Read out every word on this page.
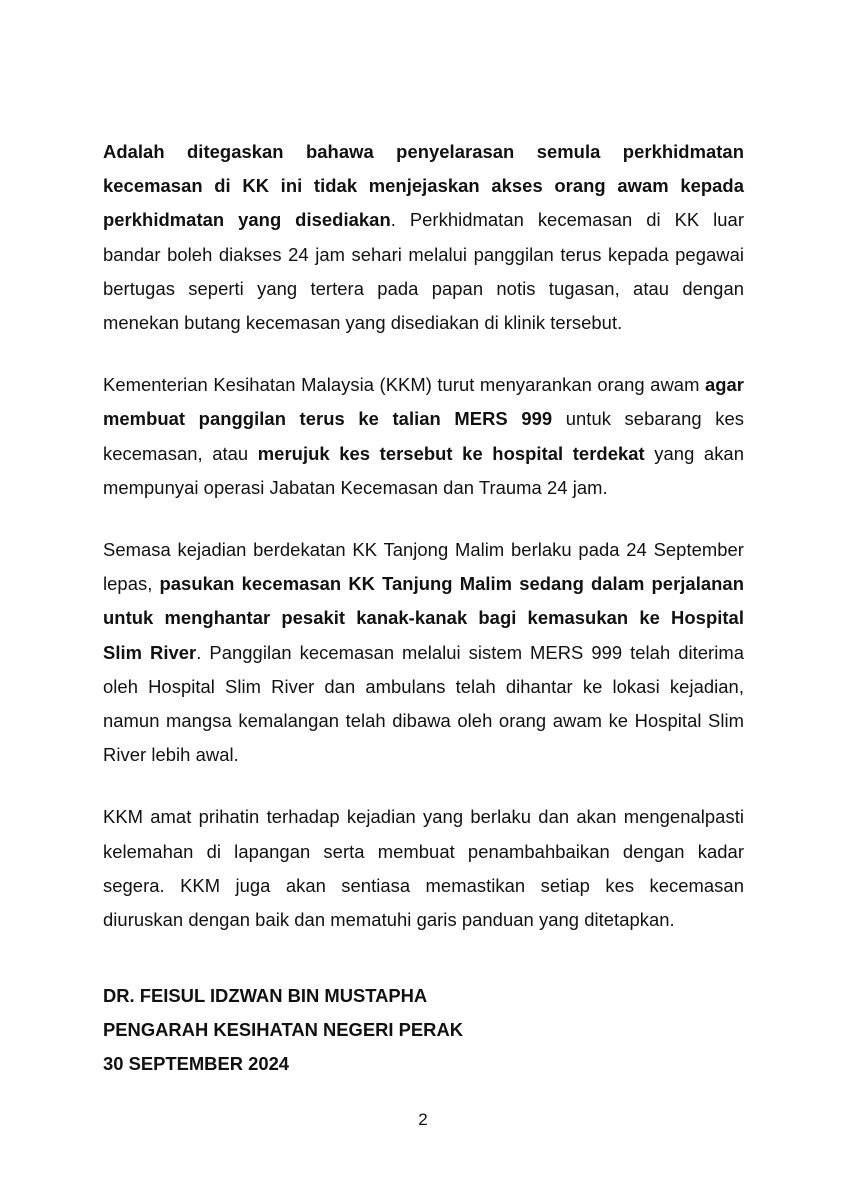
Adalah ditegaskan bahawa penyelarasan semula perkhidmatan kecemasan di KK ini tidak menjejaskan akses orang awam kepada perkhidmatan yang disediakan. Perkhidmatan kecemasan di KK luar bandar boleh diakses 24 jam sehari melalui panggilan terus kepada pegawai bertugas seperti yang tertera pada papan notis tugasan, atau dengan menekan butang kecemasan yang disediakan di klinik tersebut.

Kementerian Kesihatan Malaysia (KKM) turut menyarankan orang awam agar membuat panggilan terus ke talian MERS 999 untuk sebarang kes kecemasan, atau merujuk kes tersebut ke hospital terdekat yang akan mempunyai operasi Jabatan Kecemasan dan Trauma 24 jam.

Semasa kejadian berdekatan KK Tanjong Malim berlaku pada 24 September lepas, pasukan kecemasan KK Tanjung Malim sedang dalam perjalanan untuk menghantar pesakit kanak-kanak bagi kemasukan ke Hospital Slim River. Panggilan kecemasan melalui sistem MERS 999 telah diterima oleh Hospital Slim River dan ambulans telah dihantar ke lokasi kejadian, namun mangsa kemalangan telah dibawa oleh orang awam ke Hospital Slim River lebih awal.

KKM amat prihatin terhadap kejadian yang berlaku dan akan mengenalpasti kelemahan di lapangan serta membuat penambahbaikan dengan kadar segera. KKM juga akan sentiasa memastikan setiap kes kecemasan diuruskan dengan baik dan mematuhi garis panduan yang ditetapkan.

DR. FEISUL IDZWAN BIN MUSTAPHA
PENGARAH KESIHATAN NEGERI PERAK
30 SEPTEMBER 2024
2
